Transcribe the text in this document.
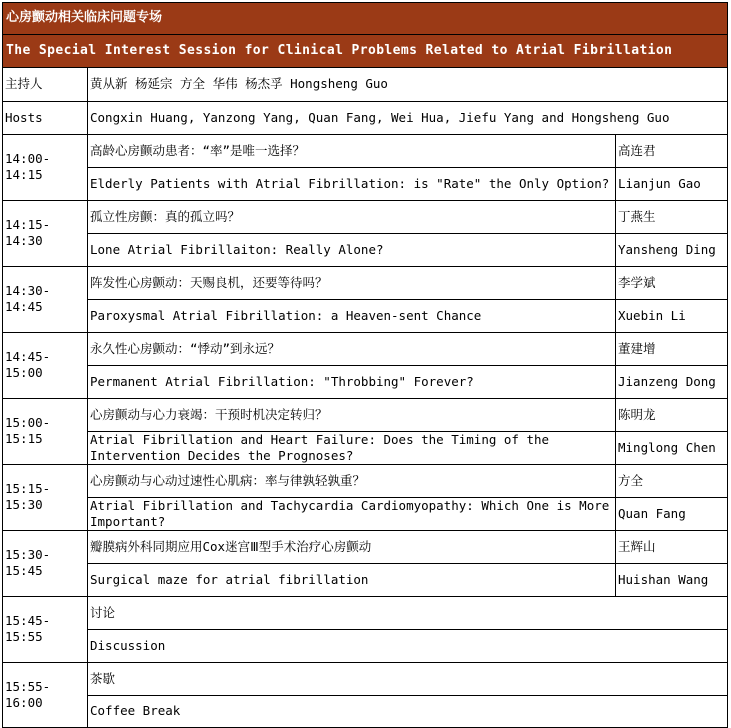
心房颤动相关临床问题专场
The Special Interest Session for Clinical Problems Related to Atrial Fibrillation
主持人	黄从新 杨延宗 方全 华伟 杨杰孚 Hongsheng Guo
Hosts	Congxin Huang, Yanzong Yang, Quan Fang, Wei Hua, Jiefu Yang and Hongsheng Guo
14:00-
14:15
高龄心房颤动患者：“率”是唯一选择？
Elderly Patients with Atrial Fibrillation: is "Rate" the Only Option?
高连君
Lianjun Gao
14:15-
14:30
孤立性房颤：真的孤立吗？
Lone Atrial Fibrillaiton: Really Alone?
丁燕生
Yansheng Ding
14:30-
14:45
阵发性心房颤动：天赐良机，还要等待吗？
Paroxysmal Atrial Fibrillation: a Heaven-sent Chance
李学斌
Xuebin Li
14:45-
15:00
永久性心房颤动：“悸动”到永远？
Permanent Atrial Fibrillation: "Throbbing" Forever?
董建增
Jianzeng Dong
15:00-
15:15
心房颤动与心力衰竭：干预时机决定转归？
Atrial Fibrillation and Heart Failure: Does the Timing of the Intervention Decides the Prognoses?
陈明龙
Minglong Chen
15:15-
15:30
心房颤动与心动过速性心肌病：率与律孰轻孰重？
Atrial Fibrillation and Tachycardia Cardiomyopathy: Which One is More Important?
方全
Quan Fang
15:30-
15:45
瓣膜病外科同期应用Cox迷宫Ⅲ型手术治疗心房颤动
Surgical maze for atrial fibrillation
王辉山
Huishan Wang
15:45-
15:55
讨论
Discussion
15:55-
16:00
茶歇
Coffee Break
